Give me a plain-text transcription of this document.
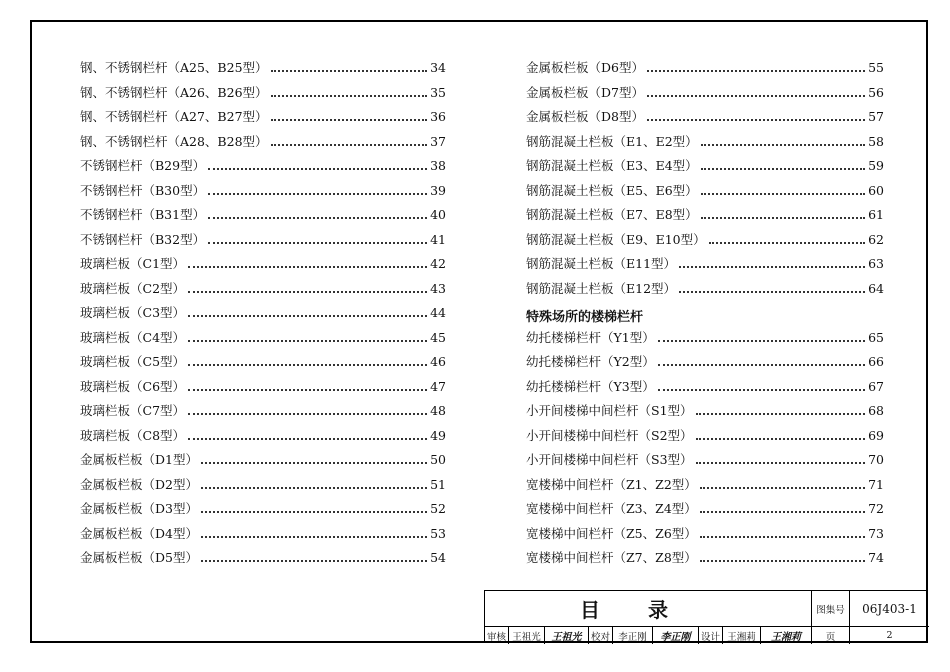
钢、不锈钢栏杆（A25、B25型）	34
钢、不锈钢栏杆（A26、B26型）	35
钢、不锈钢栏杆（A27、B27型）	36
钢、不锈钢栏杆（A28、B28型）	37
不锈钢栏杆（B29型）	38
不锈钢栏杆（B30型）	39
不锈钢栏杆（B31型）	40
不锈钢栏杆（B32型）	41
玻璃栏板（C1型）	42
玻璃栏板（C2型）	43
玻璃栏板（C3型）	44
玻璃栏板（C4型）	45
玻璃栏板（C5型）	46
玻璃栏板（C6型）	47
玻璃栏板（C7型）	48
玻璃栏板（C8型）	49
金属板栏板（D1型）	50
金属板栏板（D2型）	51
金属板栏板（D3型）	52
金属板栏板（D4型）	53
金属板栏板（D5型）	54
金属板栏板（D6型）	55
金属板栏板（D7型）	56
金属板栏板（D8型）	57
钢筋混凝土栏板（E1、E2型）	58
钢筋混凝土栏板（E3、E4型）	59
钢筋混凝土栏板（E5、E6型）	60
钢筋混凝土栏板（E7、E8型）	61
钢筋混凝土栏板（E9、E10型）	62
钢筋混凝土栏板（E11型）	63
钢筋混凝土栏板（E12型）	64
特殊场所的楼梯栏杆
幼托楼梯栏杆（Y1型）	65
幼托楼梯栏杆（Y2型）	66
幼托楼梯栏杆（Y3型）	67
小开间楼梯中间栏杆（S1型）	68
小开间楼梯中间栏杆（S2型）	69
小开间楼梯中间栏杆（S3型）	70
宽楼梯中间栏杆（Z1、Z2型）	71
宽楼梯中间栏杆（Z3、Z4型）	72
宽楼梯中间栏杆（Z5、Z6型）	73
宽楼梯中间栏杆（Z7、Z8型）	74
目录	图集号	06J403-1
审核 王祖光	王祖光 校对 李正刚	李正刚	设计 王湘莉	王湘莉	页	2
